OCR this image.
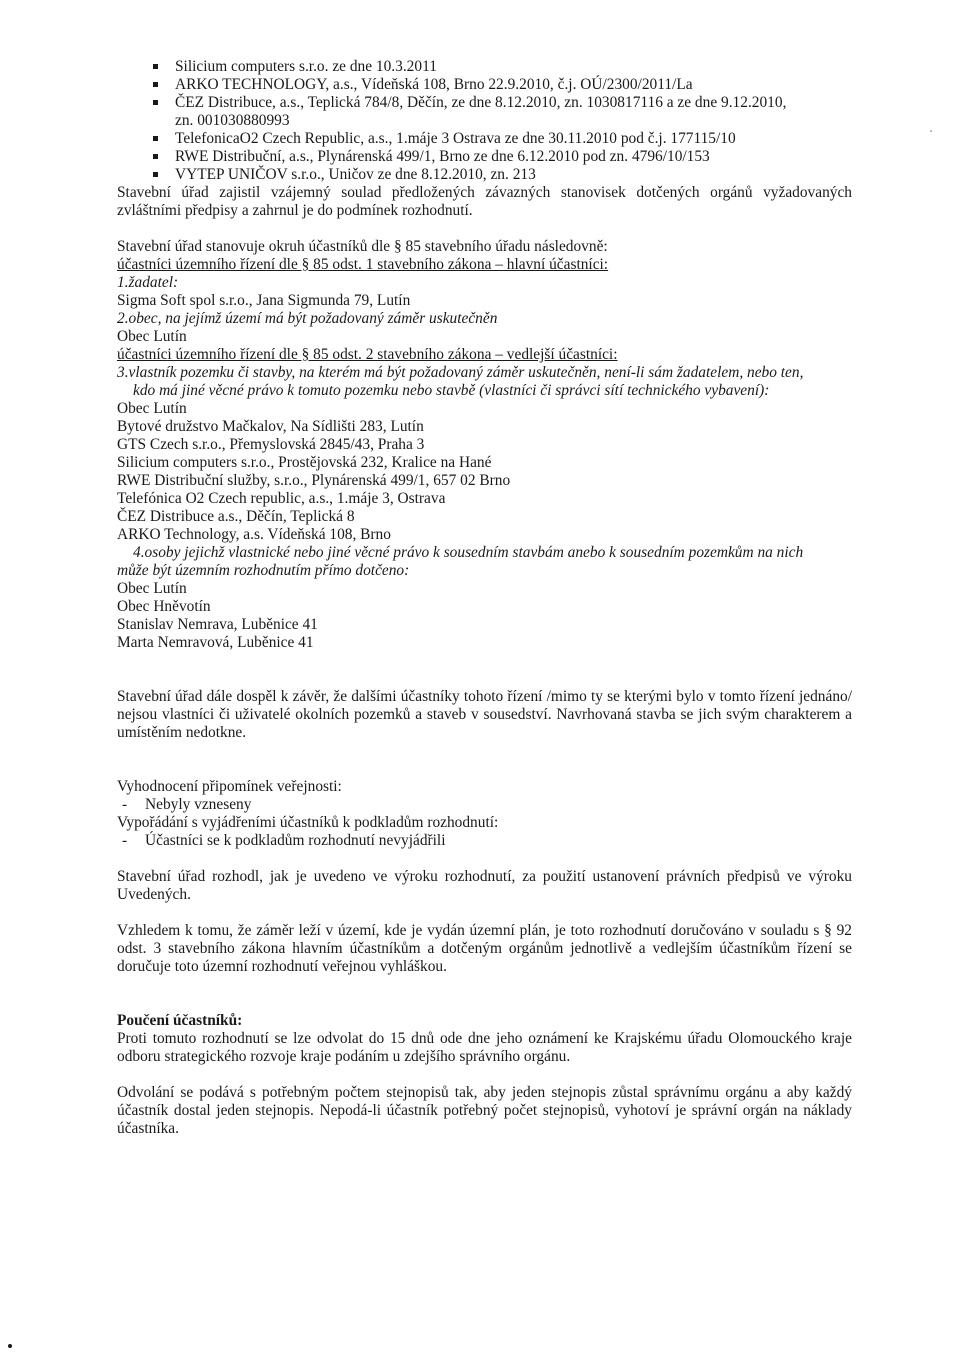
Silicium computers s.r.o. ze dne 10.3.2011
ARKO TECHNOLOGY, a.s., Vídeňská 108, Brno 22.9.2010, č.j. OÚ/2300/2011/La
ČEZ Distribuce, a.s., Teplická 784/8, Děčín, ze dne 8.12.2010, zn. 1030817116 a ze dne 9.12.2010,
zn. 001030880993
TelefonicaO2 Czech Republic, a.s., 1.máje 3 Ostrava ze dne 30.11.2010 pod č.j. 177115/10
RWE Distribuční, a.s., Plynárenská 499/1, Brno ze dne 6.12.2010 pod zn. 4796/10/153
VYTEP UNIČOV s.r.o., Uničov ze dne 8.12.2010, zn. 213

Stavební úřad zajistil vzájemný soulad předložených závazných stanovisek dotčených orgánů vyžadovaných zvláštními předpisy a zahrnul je do podmínek rozhodnutí.

Stavební úřad stanovuje okruh účastníků dle § 85 stavebního úřadu následovně:

účastníci územního řízení dle § 85 odst. 1 stavebního zákona – hlavní účastníci:

1.žadatel:

Sigma Soft spol s.r.o., Jana Sigmunda 79, Lutín

2.obec, na jejímž území má být požadovaný záměr uskutečněn

Obec Lutín

účastníci územního řízení dle § 85 odst. 2 stavebního zákona – vedlejší účastníci:

3.vlastník pozemku či stavby, na kterém má být požadovaný záměr uskutečněn, není-li sám žadatelem, nebo ten,

kdo má jiné věcné právo k tomuto pozemku nebo stavbě (vlastníci či správci sítí technického vybavení):

Obec Lutín

Bytové družstvo Mačkalov, Na Sídlišti 283, Lutín

GTS Czech s.r.o., Přemyslovská 2845/43, Praha 3

Silicium computers s.r.o., Prostějovská 232, Kralice na Hané

RWE Distribuční služby, s.r.o., Plynárenská 499/1, 657 02 Brno

Telefónica O2 Czech republic, a.s., 1.máje 3, Ostrava

ČEZ Distribuce a.s., Děčín, Teplická 8

ARKO Technology, a.s. Vídeňská 108, Brno

4.osoby jejichž vlastnické nebo jiné věcné právo k sousedním stavbám anebo k sousedním pozemkům na nich

může být územním rozhodnutím přímo dotčeno:

Obec Lutín

Obec Hněvotín

Stanislav Nemrava, Luběnice 41

Marta Nemravová, Luběnice 41

Stavební úřad dále dospěl k závěr, že dalšími účastníky tohoto řízení /mimo ty se kterými bylo v tomto řízení jednáno/ nejsou vlastníci či uživatelé okolních pozemků a staveb v sousedství. Navrhovaná stavba se jich svým charakterem a umístěním nedotkne.

Vyhodnocení připomínek veřejnosti:

- Nebyly vzneseny

Vypořádání s vyjádřeními účastníků k podkladům rozhodnutí:

- Účastníci se k podkladům rozhodnutí nevyjádřili

Stavební úřad rozhodl, jak je uvedeno ve výroku rozhodnutí, za použití ustanovení právních předpisů ve výroku Uvedených.

Vzhledem k tomu, že záměr leží v území, kde je vydán územní plán, je toto rozhodnutí doručováno v souladu s § 92 odst. 3 stavebního zákona hlavním účastníkům a dotčeným orgánům jednotlivě a vedlejším účastníkům řízení se doručuje toto územní rozhodnutí veřejnou vyhláškou.

Poučení účastníků:

Proti tomuto rozhodnutí se lze odvolat do 15 dnů ode dne jeho oznámení ke Krajskému úřadu Olomouckého kraje odboru strategického rozvoje kraje podáním u zdejšího správního orgánu.

Odvolání se podává s potřebným počtem stejnopisů tak, aby jeden stejnopis zůstal správnímu orgánu a aby každý účastník dostal jeden stejnopis. Nepodá-li účastník potřebný počet stejnopisů, vyhotoví je správní orgán na náklady účastníka.
